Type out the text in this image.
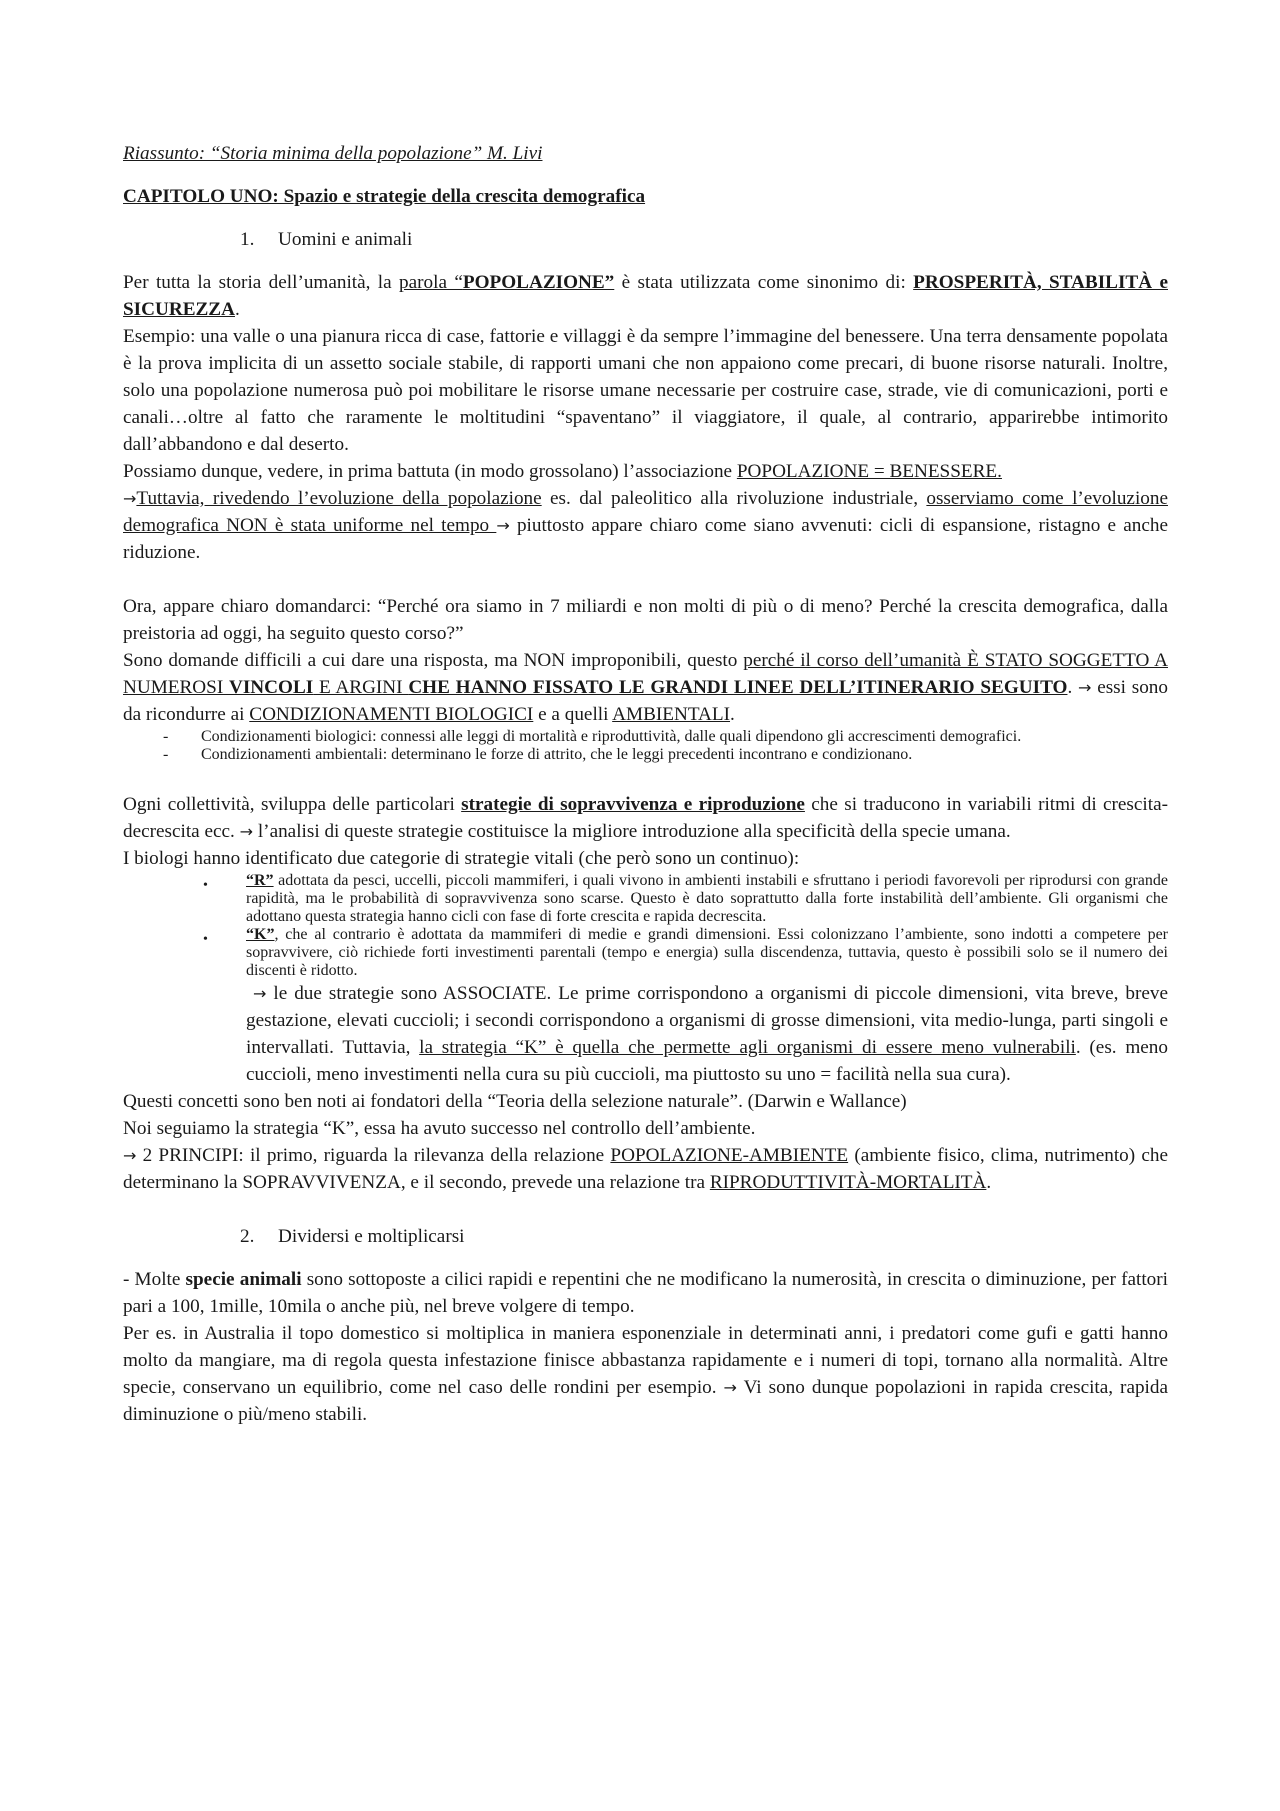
Riassunto: “Storia minima della popolazione” M. Livi

CAPITOLO UNO: Spazio e strategie della crescita demografica

1. Uomini e animali

Per tutta la storia dell’umanità, la parola “POPOLAZIONE” è stata utilizzata come sinonimo di: PROSPERITÀ, STABILITÀ e SICUREZZA.

Esempio: una valle o una pianura ricca di case, fattorie e villaggi è da sempre l’immagine del benessere. Una terra densamente popolata è la prova implicita di un assetto sociale stabile, di rapporti umani che non appaiono come precari, di buone risorse naturali. Inoltre, solo una popolazione numerosa può poi mobilitare le risorse umane necessarie per costruire case, strade, vie di comunicazioni, porti e canali…oltre al fatto che raramente le moltitudini “spaventano” il viaggiatore, il quale, al contrario, apparirebbe intimorito dall’abbandono e dal deserto.

Possiamo dunque, vedere, in prima battuta (in modo grossolano) l’associazione POPOLAZIONE = BENESSERE.

→Tuttavia, rivedendo l’evoluzione della popolazione es. dal paleolitico alla rivoluzione industriale, osserviamo come l’evoluzione demografica NON è stata uniforme nel tempo → piuttosto appare chiaro come siano avvenuti: cicli di espansione, ristagno e anche riduzione.

Ora, appare chiaro domandarci: “Perché ora siamo in 7 miliardi e non molti di più o di meno? Perché la crescita demografica, dalla preistoria ad oggi, ha seguito questo corso?”

Sono domande difficili a cui dare una risposta, ma NON improponibili, questo perché il corso dell’umanità È STATO SOGGETTO A NUMEROSI VINCOLI E ARGINI CHE HANNO FISSATO LE GRANDI LINEE DELL’ITINERARIO SEGUITO. → essi sono da ricondurre ai CONDIZIONAMENTI BIOLOGICI e a quelli AMBIENTALI.

-	Condizionamenti biologici: connessi alle leggi di mortalità e riproduttività, dalle quali dipendono gli accrescimenti demografici.
-	Condizionamenti ambientali: determinano le forze di attrito, che le leggi precedenti incontrano e condizionano.

Ogni collettività, sviluppa delle particolari strategie di sopravvivenza e riproduzione che si traducono in variabili ritmi di crescita-decrescita ecc. → l’analisi di queste strategie costituisce la migliore introduzione alla specificità della specie umana.

I biologi hanno identificato due categorie di strategie vitali (che però sono un continuo):

•	“R” adottata da pesci, uccelli, piccoli mammiferi, i quali vivono in ambienti instabili e sfruttano i periodi favorevoli per riprodursi con grande rapidità, ma le probabilità di sopravvivenza sono scarse. Questo è dato soprattutto dalla forte instabilità dell’ambiente. Gli organismi che adottano questa strategia hanno cicli con fase di forte crescita e rapida decrescita.
•	“K”, che al contrario è adottata da mammiferi di medie e grandi dimensioni. Essi colonizzano l’ambiente, sono indotti a competere per sopravvivere, ciò richiede forti investimenti parentali (tempo e energia) sulla discendenza, tuttavia, questo è possibili solo se il numero dei discenti è ridotto.

→ le due strategie sono ASSOCIATE. Le prime corrispondono a organismi di piccole dimensioni, vita breve, breve gestazione, elevati cuccioli; i secondi corrispondono a organismi di grosse dimensioni, vita medio-lunga, parti singoli e intervallati. Tuttavia, la strategia “K” è quella che permette agli organismi di essere meno vulnerabili. (es. meno cuccioli, meno investimenti nella cura su più cuccioli, ma piuttosto su uno = facilità nella sua cura).

Questi concetti sono ben noti ai fondatori della “Teoria della selezione naturale”. (Darwin e Wallance)

Noi seguiamo la strategia “K”, essa ha avuto successo nel controllo dell’ambiente.

→ 2 PRINCIPI: il primo, riguarda la rilevanza della relazione POPOLAZIONE-AMBIENTE (ambiente fisico, clima, nutrimento) che determinano la SOPRAVVIVENZA, e il secondo, prevede una relazione tra RIPRODUTTIVITÀ-MORTALITÀ.

2. Dividersi e moltiplicarsi

- Molte specie animali sono sottoposte a cilici rapidi e repentini che ne modificano la numerosità, in crescita o diminuzione, per fattori pari a 100, 1mille, 10mila o anche più, nel breve volgere di tempo.

Per es. in Australia il topo domestico si moltiplica in maniera esponenziale in determinati anni, i predatori come gufi e gatti hanno molto da mangiare, ma di regola questa infestazione finisce abbastanza rapidamente e i numeri di topi, tornano alla normalità. Altre specie, conservano un equilibrio, come nel caso delle rondini per esempio. → Vi sono dunque popolazioni in rapida crescita, rapida diminuzione o più/meno stabili.
